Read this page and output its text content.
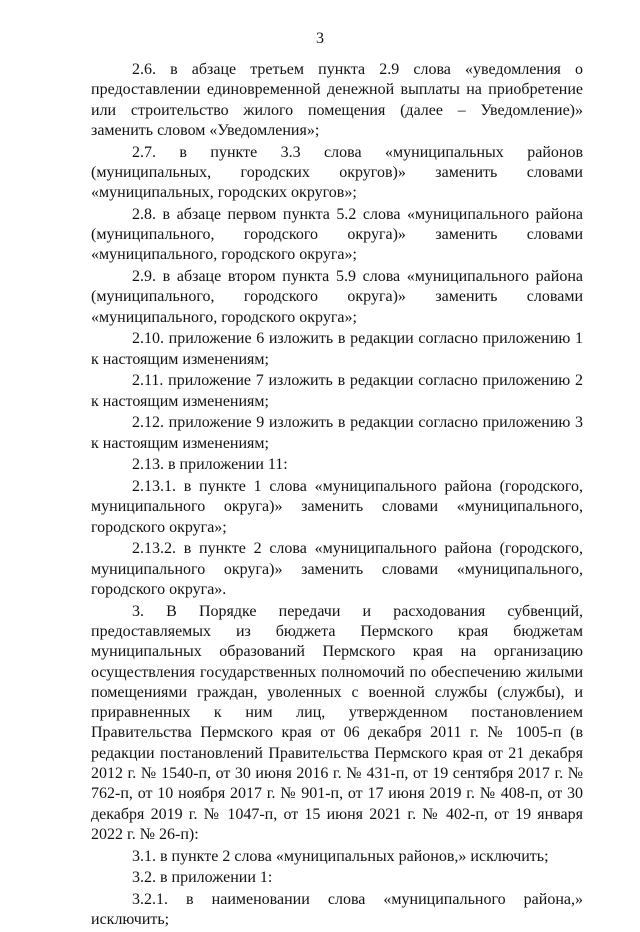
3

2.6. в абзаце третьем пункта 2.9 слова «уведомления о предоставлении единовременной денежной выплаты на приобретение или строительство жилого помещения (далее – Уведомление)» заменить словом «Уведомления»;

2.7. в пункте 3.3 слова «муниципальных районов (муниципальных, городских округов)» заменить словами «муниципальных, городских округов»;

2.8. в абзаце первом пункта 5.2 слова «муниципального района (муниципального, городского округа)» заменить словами «муниципального, городского округа»;

2.9. в абзаце втором пункта 5.9 слова «муниципального района (муниципального, городского округа)» заменить словами «муниципального, городского округа»;

2.10. приложение 6 изложить в редакции согласно приложению 1 к настоящим изменениям;

2.11. приложение 7 изложить в редакции согласно приложению 2 к настоящим изменениям;

2.12. приложение 9 изложить в редакции согласно приложению 3 к настоящим изменениям;

2.13. в приложении 11:

2.13.1. в пункте 1 слова «муниципального района (городского, муниципального округа)» заменить словами «муниципального, городского округа»;

2.13.2. в пункте 2 слова «муниципального района (городского, муниципального округа)» заменить словами «муниципального, городского округа».

3. В Порядке передачи и расходования субвенций, предоставляемых из бюджета Пермского края бюджетам муниципальных образований Пермского края на организацию осуществления государственных полномочий по обеспечению жилыми помещениями граждан, уволенных с военной службы (службы), и приравненных к ним лиц, утвержденном постановлением Правительства Пермского края от 06 декабря 2011 г. № 1005-п (в редакции постановлений Правительства Пермского края от 21 декабря 2012 г. № 1540-п, от 30 июня 2016 г. № 431-п, от 19 сентября 2017 г. № 762-п, от 10 ноября 2017 г. № 901-п, от 17 июня 2019 г. № 408-п, от 30 декабря 2019 г. № 1047-п, от 15 июня 2021 г. № 402-п, от 19 января 2022 г. № 26-п):

3.1. в пункте 2 слова «муниципальных районов,» исключить;

3.2. в приложении 1:

3.2.1. в наименовании слова «муниципального района,» исключить;
